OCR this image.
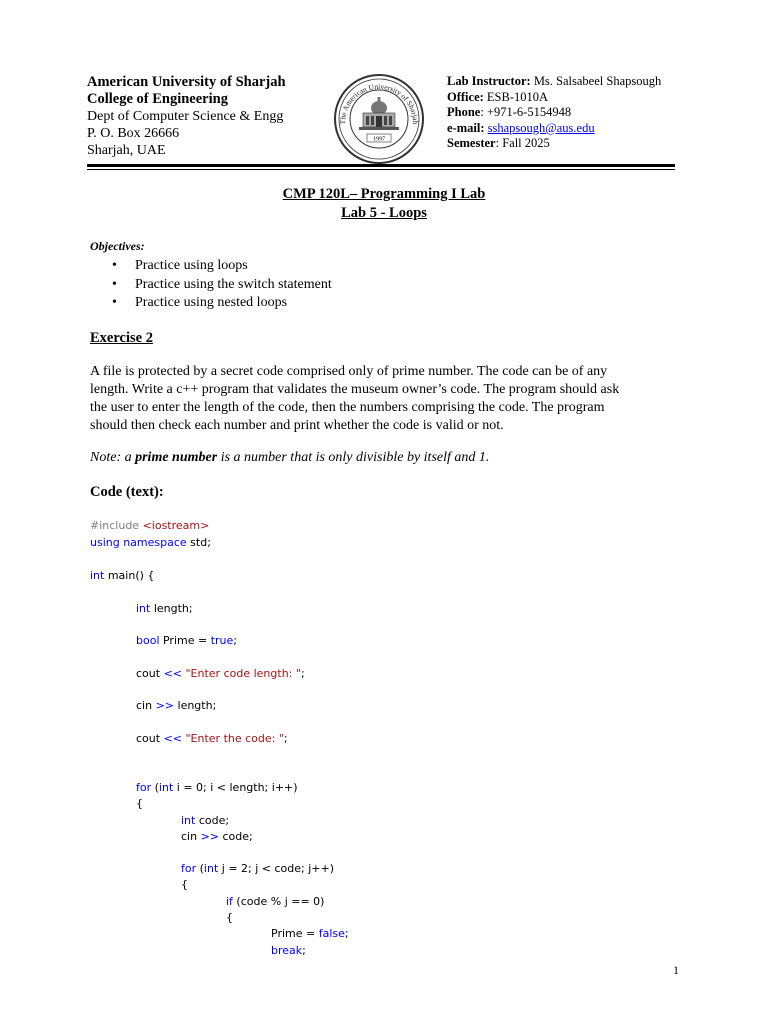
American University of Sharjah
College of Engineering
Dept of Computer Science & Engg
P. O. Box 26666
Sharjah, UAE
The American University of Sharjah
1997
Lab Instructor: Ms. Salsabeel Shapsough
Office: ESB-1010A
Phone: +971-6-5154948
e-mail: sshapsough@aus.edu
Semester: Fall 2025
CMP 120L– Programming I Lab
Lab 5 - Loops
Objectives:
• Practice using loops
• Practice using the switch statement
• Practice using nested loops
Exercise 2
A file is protected by a secret code comprised only of prime number. The code can be of any
length. Write a c++ program that validates the museum owner’s code. The program should ask
the user to enter the length of the code, then the numbers comprising the code. The program
should then check each number and print whether the code is valid or not.
Note: a prime number is a number that is only divisible by itself and 1.
Code (text):
#include <iostream>
using namespace std;
int main() {
int length;
bool Prime = true;
cout << "Enter code length: ";
cin >> length;
cout << "Enter the code: ";
for (int i = 0; i < length; i++)
{
int code;
cin >> code;
for (int j = 2; j < code; j++)
{
if (code % j == 0)
{
Prime = false;
break;
1
